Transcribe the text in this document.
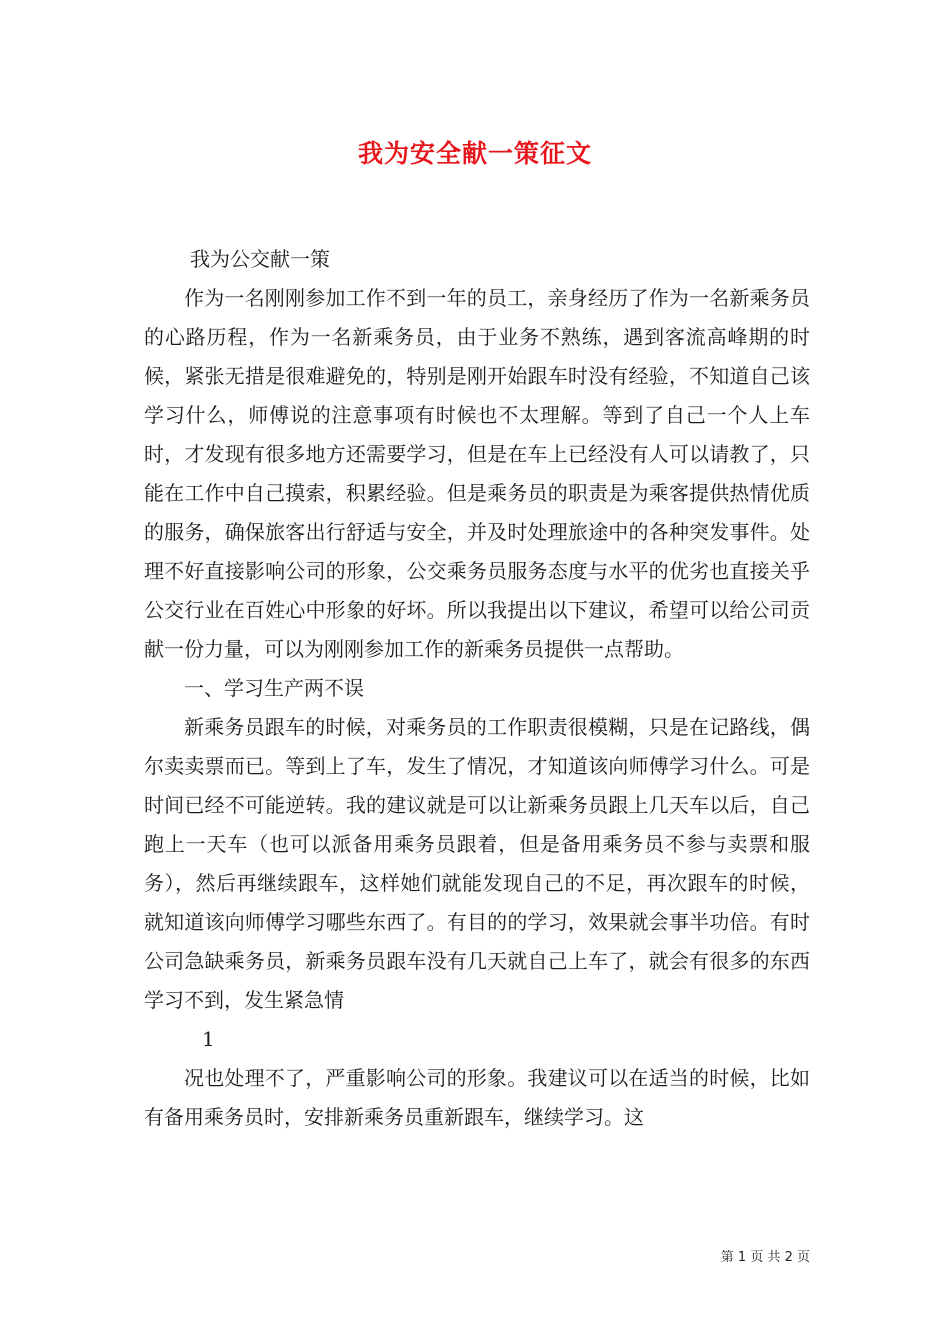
我为安全献一策征文

我为公交献一策

作为一名刚刚参加工作不到一年的员工，亲身经历了作为一名新乘务员的心路历程，作为一名新乘务员，由于业务不熟练，遇到客流高峰期的时候，紧张无措是很难避免的，特别是刚开始跟车时没有经验，不知道自己该学习什么，师傅说的注意事项有时候也不太理解。等到了自己一个人上车时，才发现有很多地方还需要学习，但是在车上已经没有人可以请教了，只能在工作中自己摸索，积累经验。但是乘务员的职责是为乘客提供热情优质的服务，确保旅客出行舒适与安全，并及时处理旅途中的各种突发事件。处理不好直接影响公司的形象，公交乘务员服务态度与水平的优劣也直接关乎公交行业在百姓心中形象的好坏。所以我提出以下建议，希望可以给公司贡献一份力量，可以为刚刚参加工作的新乘务员提供一点帮助。

一、学习生产两不误

新乘务员跟车的时候，对乘务员的工作职责很模糊，只是在记路线，偶尔卖卖票而已。等到上了车，发生了情况，才知道该向师傅学习什么。可是时间已经不可能逆转。我的建议就是可以让新乘务员跟上几天车以后，自己跑上一天车（也可以派备用乘务员跟着，但是备用乘务员不参与卖票和服务），然后再继续跟车，这样她们就能发现自己的不足，再次跟车的时候，就知道该向师傅学习哪些东西了。有目的的学习，效果就会事半功倍。有时公司急缺乘务员，新乘务员跟车没有几天就自己上车了，就会有很多的东西学习不到，发生紧急情

1

况也处理不了，严重影响公司的形象。我建议可以在适当的时候，比如有备用乘务员时，安排新乘务员重新跟车，继续学习。这

第 1 页 共 2 页
